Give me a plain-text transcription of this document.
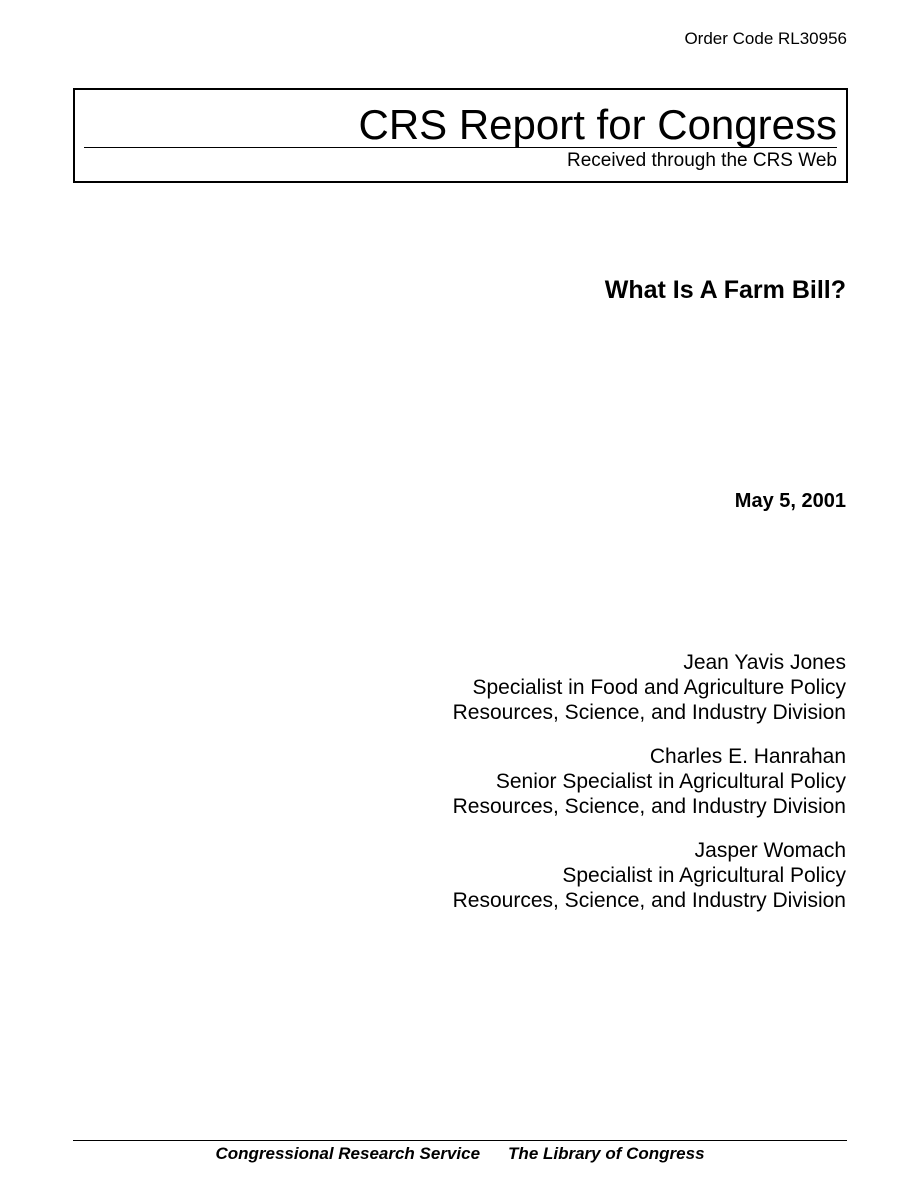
Order Code RL30956
CRS Report for Congress
Received through the CRS Web
What Is A Farm Bill?
May 5, 2001
Jean Yavis Jones
Specialist in Food and Agriculture Policy
Resources, Science, and Industry Division
Charles E. Hanrahan
Senior Specialist in Agricultural Policy
Resources, Science, and Industry Division
Jasper Womach
Specialist in Agricultural Policy
Resources, Science, and Industry Division
Congressional Research Service The Library of Congress
